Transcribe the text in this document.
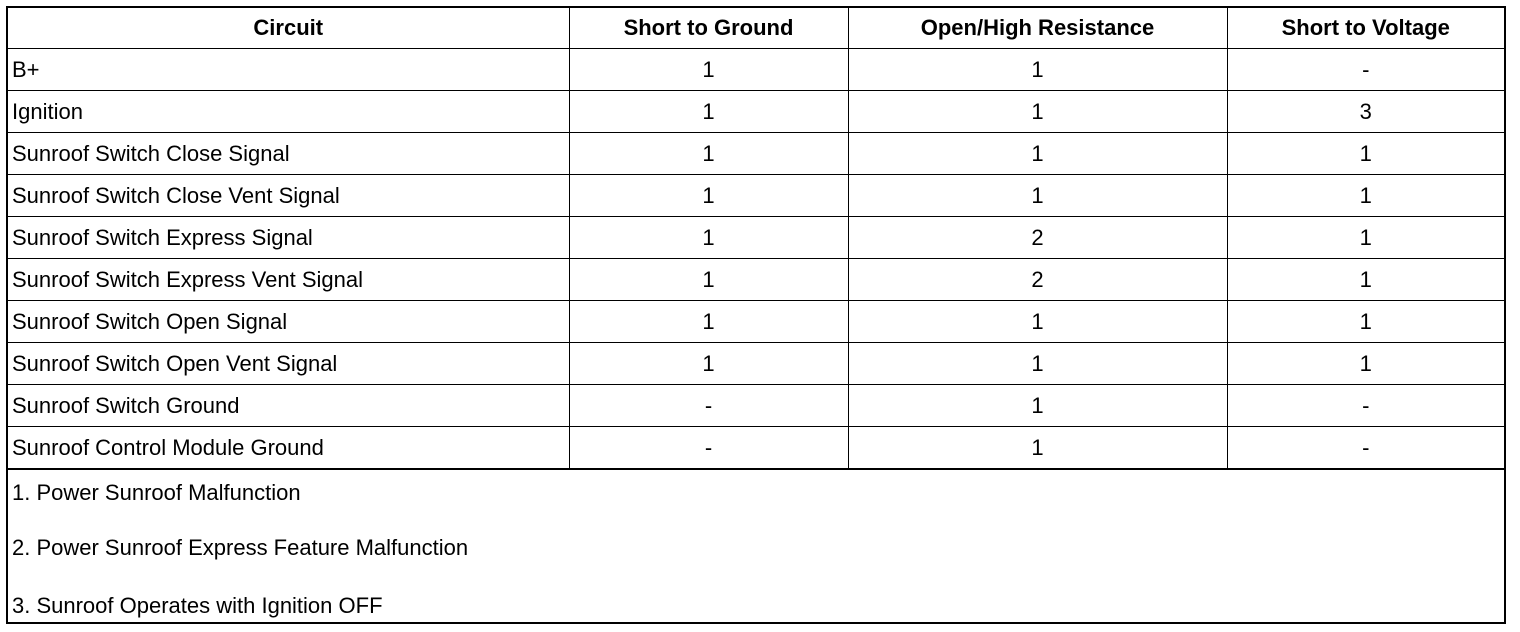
Circuit	Short to Ground	Open/High Resistance	Short to Voltage
B+	1	1	-
Ignition	1	1	3
Sunroof Switch Close Signal	1	1	1
Sunroof Switch Close Vent Signal	1	1	1
Sunroof Switch Express Signal	1	2	1
Sunroof Switch Express Vent Signal	1	2	1
Sunroof Switch Open Signal	1	1	1
Sunroof Switch Open Vent Signal	1	1	1
Sunroof Switch Ground	-	1	-
Sunroof Control Module Ground	-	1	-
1. Power Sunroof Malfunction
2. Power Sunroof Express Feature Malfunction
3. Sunroof Operates with Ignition OFF
